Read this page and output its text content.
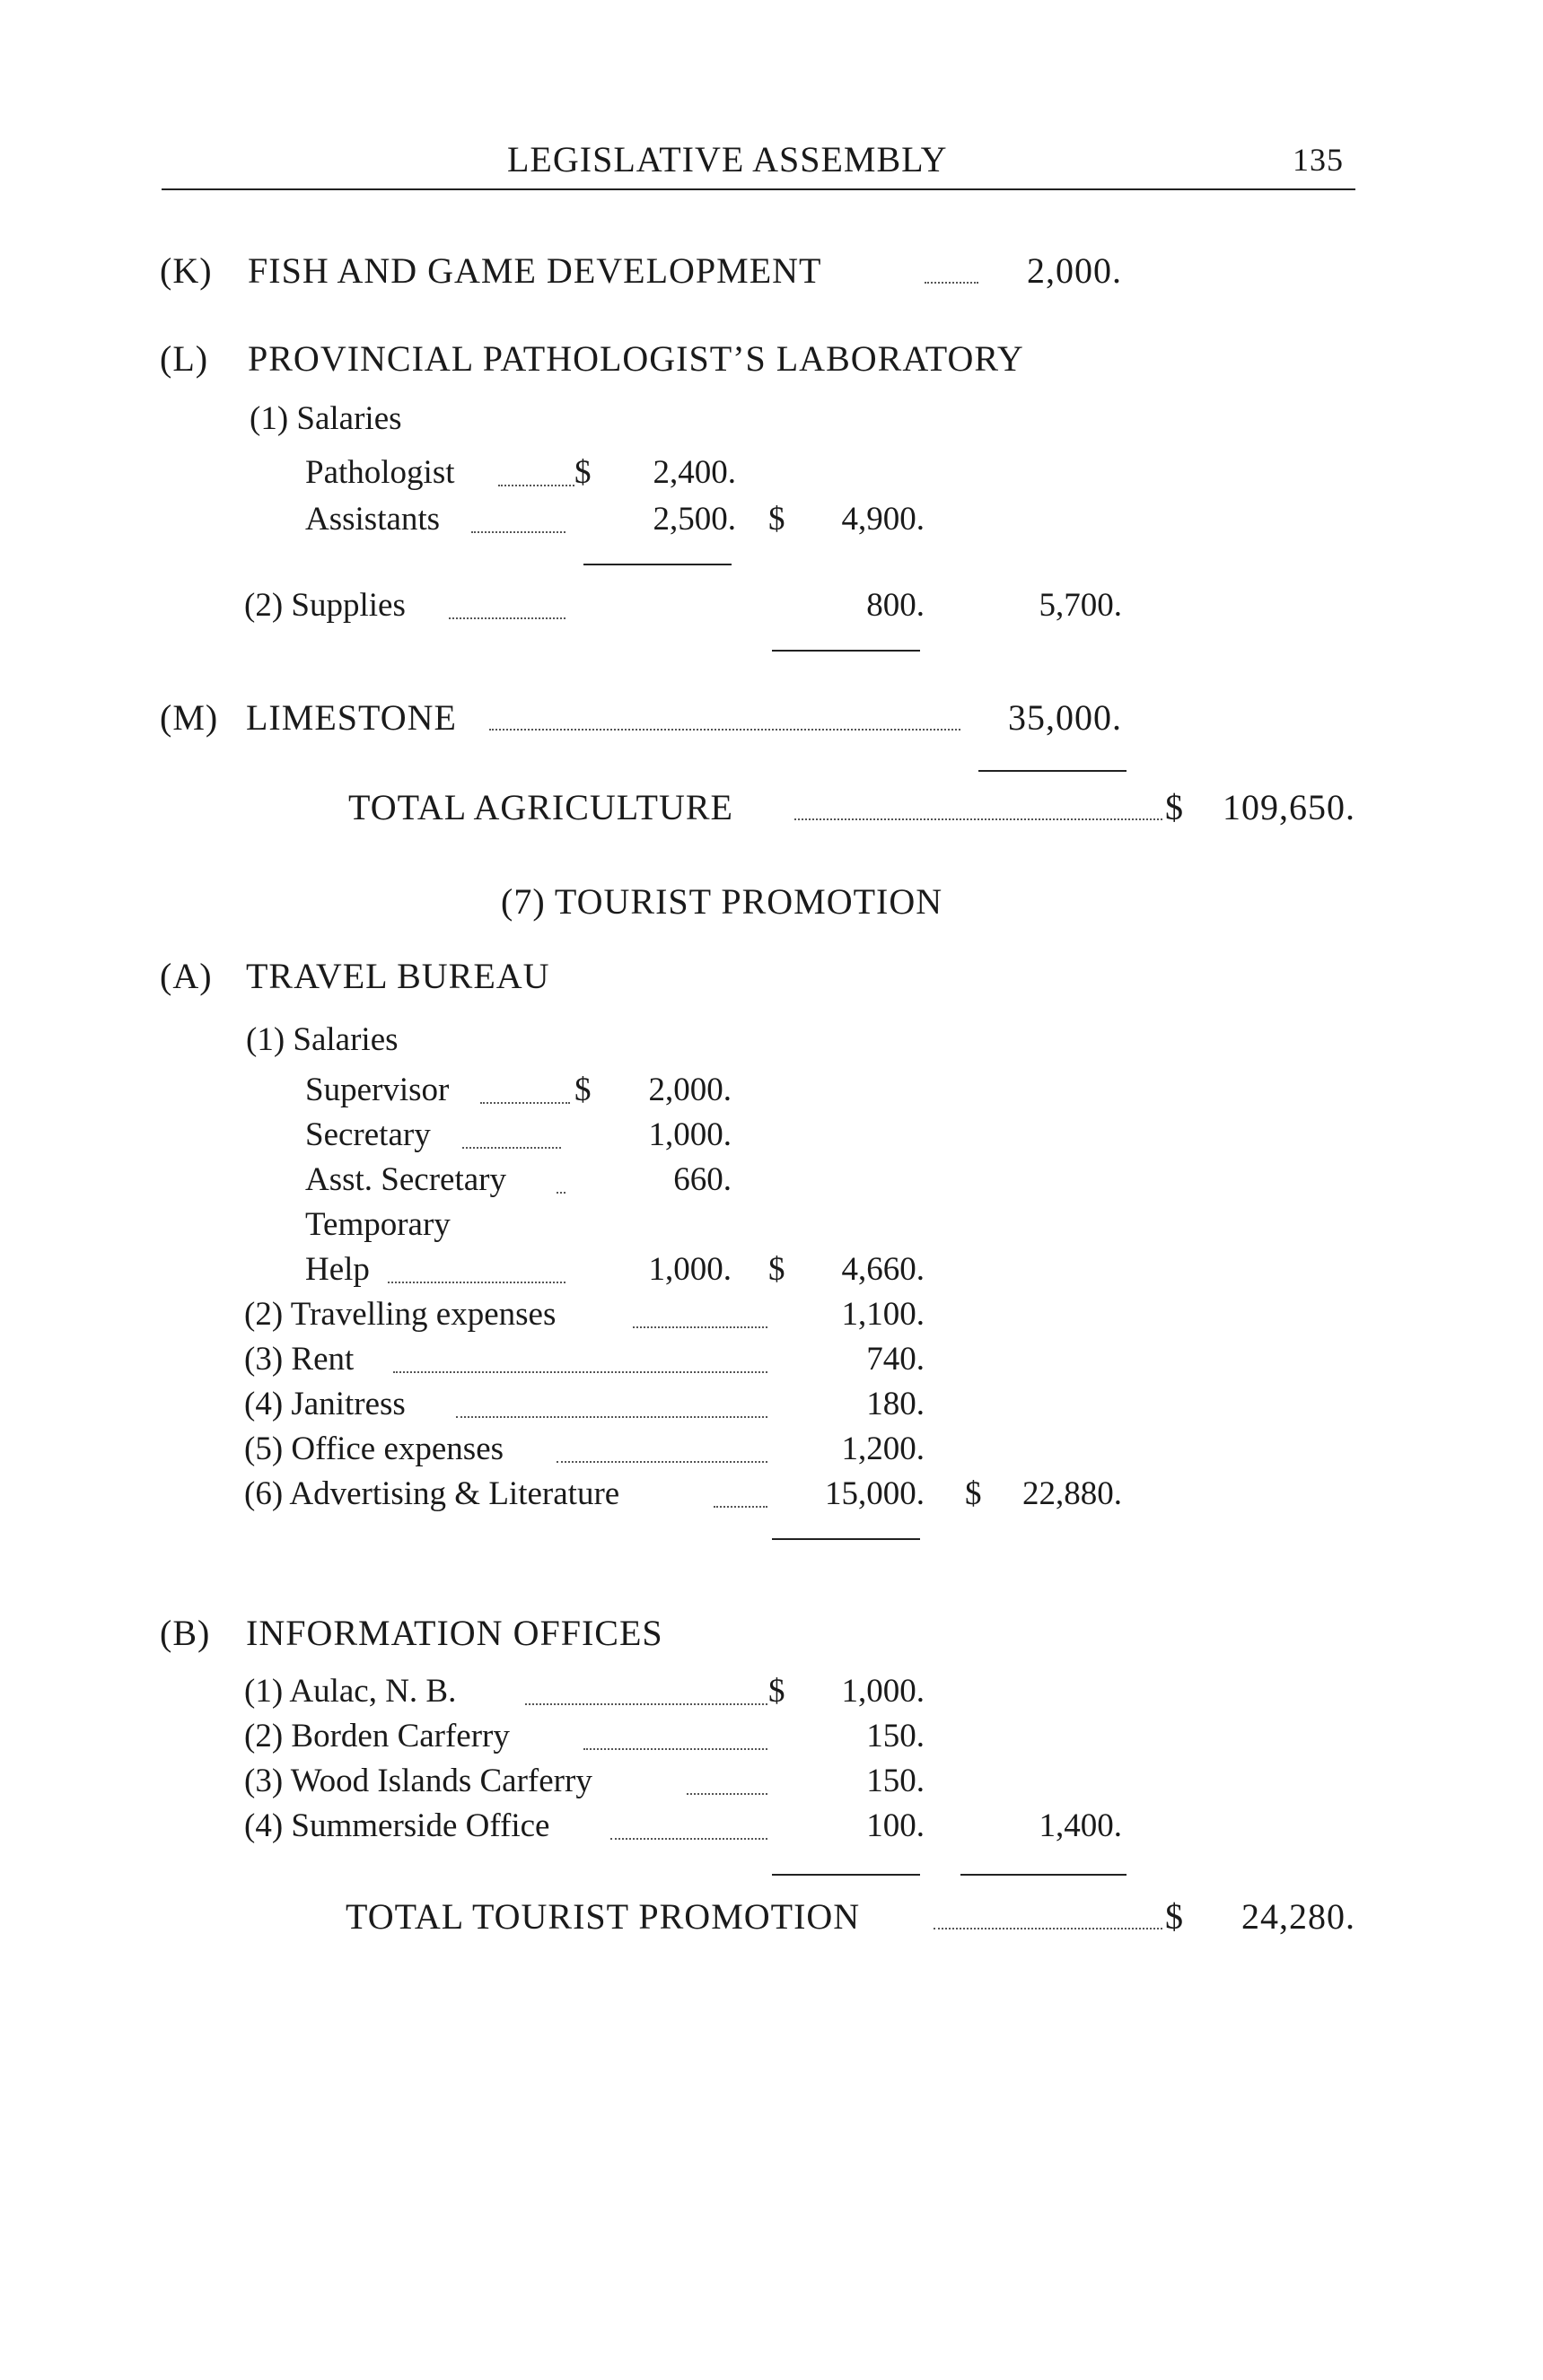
LEGISLATIVE ASSEMBLY	135
(K) FISH AND GAME DEVELOPMENT	2,000.
(L) PROVINCIAL PATHOLOGIST’S LABORATORY
(1) Salaries
Pathologist	$	2,400.
Assistants	2,500. $	4,900.
(2) Supplies	800.	5,700.
(M) LIMESTONE	35,000.
TOTAL AGRICULTURE	$	109,650.
(7) TOURIST PROMOTION
(A) TRAVEL BUREAU
(1) Salaries
Supervisor	$	2,000.
Secretary	1,000.
Asst. Secretary	660.
Temporary
Help	1,000. $	4,660.
(2) Travelling expenses	1,100.
(3) Rent	740.
(4) Janitress	180.
(5) Office expenses	1,200.
(6) Advertising & Literature	15,000. $	22,880.
(B) INFORMATION OFFICES
(1) Aulac, N. B.	$	1,000.
(2) Borden Carferry	150.
(3) Wood Islands Carferry	150.
(4) Summerside Office	100.	1,400.
TOTAL TOURIST PROMOTION	$	24,280.
